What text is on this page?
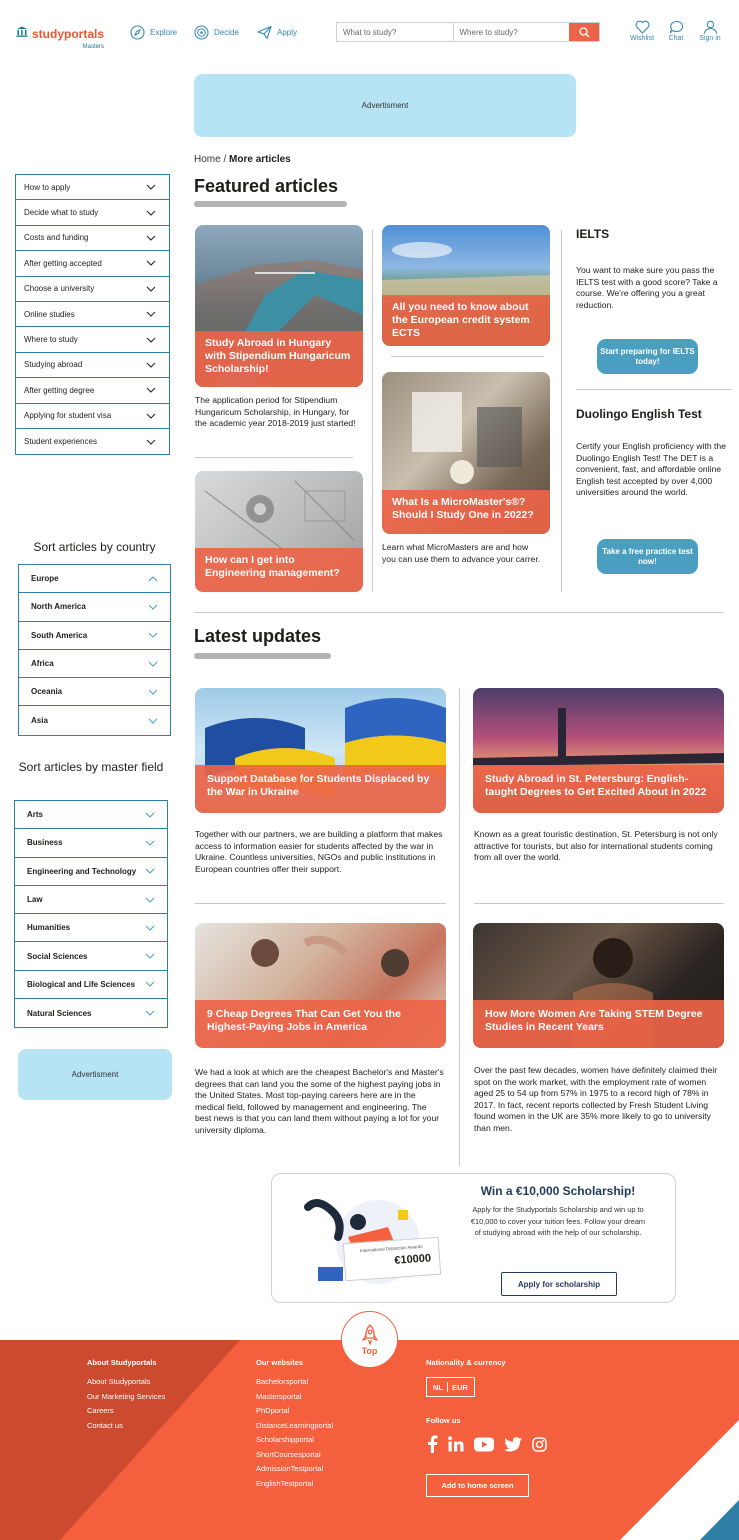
studyportals
Masters
Explore	Decide	Apply	What to study?	Where to study?
Wishlist	Chat	Sign in
Advertisment
Home / More articles
How to apply
Decide what to study
Costs and funding
After getting accepted
Choose a university
Online studies
Where to study
Studying abroad
After getting degree
Applying for student visa
Student experiences
Sort articles by country
Europe
North America
South America
Africa
Oceania
Asia
Sort articles by master field
Arts
Business
Engineering and Technology
Law
Humanities
Social Sciences
Biological and Life Sciences
Natural Sciences
Advertisment
Featured articles
Study Abroad in Hungary with Stipendium Hungaricum Scholarship!
The application period for Stipendium Hungaricum Scholarship, in Hungary, for the academic year 2018-2019 just started!
How can I get into Engineering management?
All you need to know about the European credit system ECTS
What Is a MicroMaster's®? Should I Study One in 2022?
Learn what MicroMasters are and how you can use them to advance your carrer.
IELTS
You want to make sure you pass the IELTS test with a good score? Take a course. We're offering you a great reduction.
Start preparing for IELTS today!
Duolingo English Test
Certify your English proficiency with the Duolingo English Test! The DET is a convenient, fast, and affordable online English test accepted by over 4,000 universities around the world.
Take a free practice test now!
Latest updates
Support Database for Students Displaced by the War in Ukraine
Together with our partners, we are building a platform that makes access to information easier for students affected by the war in Ukraine. Countless universities, NGOs and public institutions in European countries offer their support.
Study Abroad in St. Petersburg: English-taught Degrees to Get Excited About in 2022
Known as a great touristic destination, St. Petersburg is not only attractive for tourists, but also for international students coming from all over the world.
9 Cheap Degrees That Can Get You the Highest-Paying Jobs in America
We had a look at which are the cheapest Bachelor's and Master's degrees that can land you the some of the highest paying jobs in the United States. Most top-paying careers here are in the medical field, followed by management and engineering. The best news is that you can land them without paying a lot for your university diploma.
How More Women Are Taking STEM Degree Studies in Recent Years
Over the past few decades, women have definitely claimed their spot on the work market, with the employment rate of women aged 25 to 54 up from 57% in 1975 to a record high of 78% in 2017. In fact, recent reports collected by Fresh Student Living found women in the UK are 35% more likely to go to university than men.
International Distinction Awards
€10000
Win a €10,000 Scholarship!
Apply for the Studyportals Scholarship and win up to €10,000 to cover your tuition fees. Follow your dream of studying abroad with the help of our scholarship.
Apply for scholarship
About Studyportals
About Studyportals
Our Marketing Services
Careers
Contact us
Our websites
Bachelorsportal
Mastersportal
PhDportal
DistanceLearningportal
Scholarshipportal
ShortCoursesportal
AdmissionTestportal
EnglishTestportal
Nationality & currency
NL EUR
Follow us
Add to home screen
Top
